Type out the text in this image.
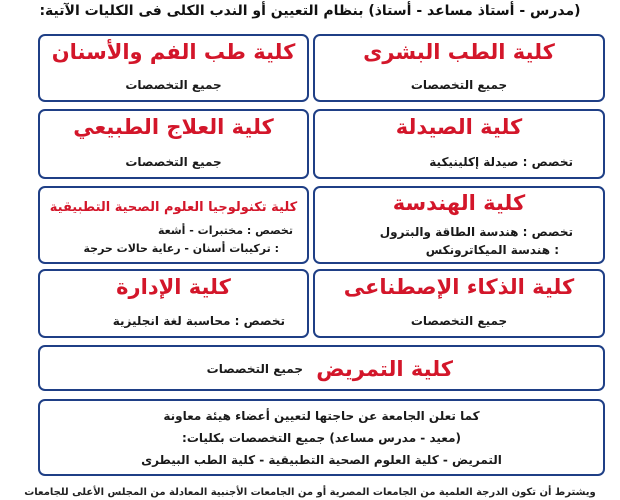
(مدرس - أستاذ مساعد - أستاذ) بنظام التعيين أو الندب الكلى فى الكليات الآتية:
كلية الطب البشرى
جميع التخصصات
كلية طب الفم والأسنان
جميع التخصصات
كلية الصيدلة
تخصص : صيدلة إكلينيكية
كلية العلاج الطبيعي
جميع التخصصات
كلية الهندسة
تخصص : هندسة الطاقة والبترول
: هندسة الميكاترونكس
كلية تكنولوجيا العلوم الصحية التطبيقية
تخصص : مختبرات - أشعة
: تركيبات أسنان - رعاية حالات حرجة
كلية الذكاء الإصطناعى
جميع التخصصات
كلية الإدارة
تخصص : محاسبة لغة انجليزية
كلية التمريض
جميع التخصصات
كما تعلن الجامعة عن حاجتها لتعيين أعضاء هيئة معاونة
(معيد - مدرس مساعد) جميع التخصصات بكليات:
التمريض - كلية العلوم الصحية التطبيقية - كلية الطب البيطرى
ويشترط أن تكون الدرجة العلمية من الجامعات المصرية أو من الجامعات الأجنبية المعادلة من المجلس الأعلى للجامعات
